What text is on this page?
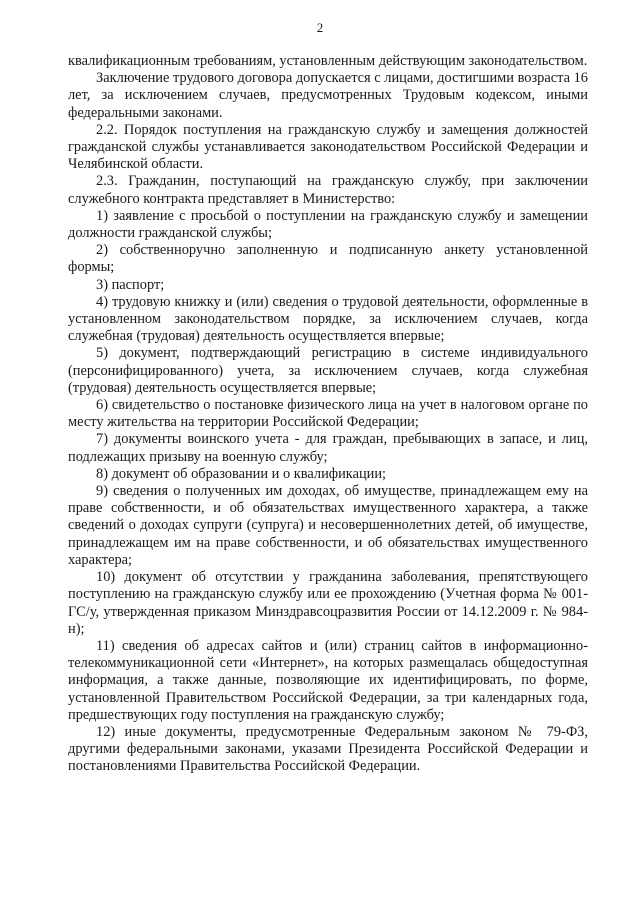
2

квалификационным требованиям, установленным действующим законодательством.

Заключение трудового договора допускается с лицами, достигшими возраста 16 лет, за исключением случаев, предусмотренных Трудовым кодексом, иными федеральными законами.

2.2. Порядок поступления на гражданскую службу и замещения должностей гражданской службы устанавливается законодательством Российской Федерации и Челябинской области.

2.3. Гражданин, поступающий на гражданскую службу, при заключении служебного контракта представляет в Министерство:

1) заявление с просьбой о поступлении на гражданскую службу и замещении должности гражданской службы;

2) собственноручно заполненную и подписанную анкету установленной формы;

3) паспорт;

4) трудовую книжку и (или) сведения о трудовой деятельности, оформленные в установленном законодательством порядке, за исключением случаев, когда служебная (трудовая) деятельность осуществляется впервые;

5) документ, подтверждающий регистрацию в системе индивидуального (персонифицированного) учета, за исключением случаев, когда служебная (трудовая) деятельность осуществляется впервые;

6) свидетельство о постановке физического лица на учет в налоговом органе по месту жительства на территории Российской Федерации;

7) документы воинского учета - для граждан, пребывающих в запасе, и лиц, подлежащих призыву на военную службу;

8) документ об образовании и о квалификации;

9) сведения о полученных им доходах, об имуществе, принадлежащем ему на праве собственности, и об обязательствах имущественного характера, а также сведений о доходах супруги (супруга) и несовершеннолетних детей, об имуществе, принадлежащем им на праве собственности, и об обязательствах имущественного характера;

10) документ об отсутствии у гражданина заболевания, препятствующего поступлению на гражданскую службу или ее прохождению (Учетная форма № 001-ГС/у, утвержденная приказом Минздравсоцразвития России от 14.12.2009 г. № 984-н);

11) сведения об адресах сайтов и (или) страниц сайтов в информационно-телекоммуникационной сети «Интернет», на которых размещалась общедоступная информация, а также данные, позволяющие их идентифицировать, по форме, установленной Правительством Российской Федерации, за три календарных года, предшествующих году поступления на гражданскую службу;

12) иные документы, предусмотренные Федеральным законом № 79-ФЗ, другими федеральными законами, указами Президента Российской Федерации и постановлениями Правительства Российской Федерации.
